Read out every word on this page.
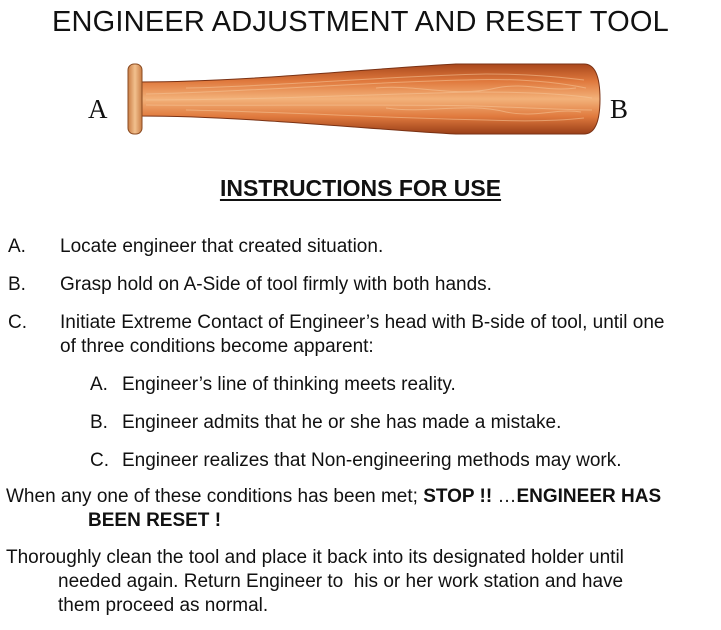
ENGINEER ADJUSTMENT AND RESET TOOL
A	B
INSTRUCTIONS FOR USE
A. Locate engineer that created situation.
B. Grasp hold on A-Side of tool firmly with both hands.
C. Initiate Extreme Contact of Engineer’s head with B-side of tool, until one
of three conditions become apparent:
A. Engineer’s line of thinking meets reality.
B. Engineer admits that he or she has made a mistake.
C. Engineer realizes that Non-engineering methods may work.
When any one of these conditions has been met; STOP !! …ENGINEER HAS
BEEN RESET !
Thoroughly clean the tool and place it back into its designated holder until
needed again. Return Engineer to  his or her work station and have
them proceed as normal.
